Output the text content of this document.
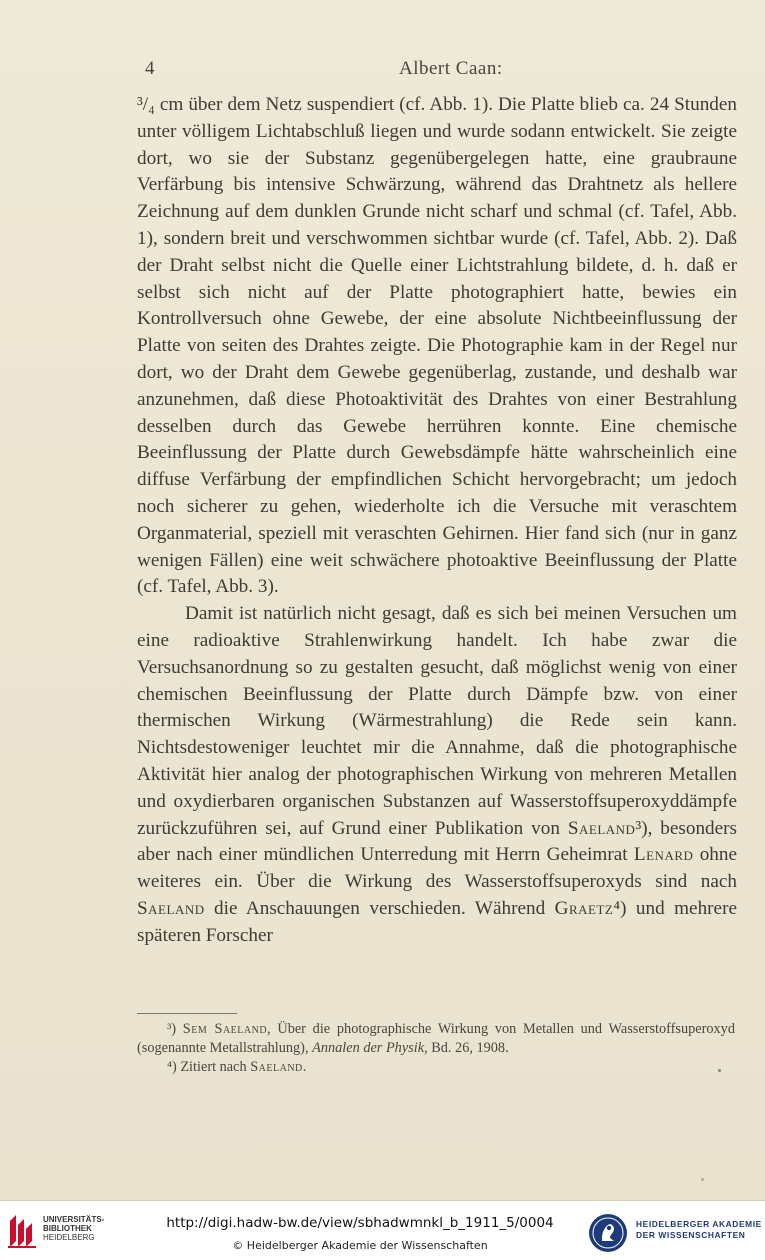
4	Albert Caan:

³/₄ cm über dem Netz suspendiert (cf. Abb. 1). Die Platte blieb ca. 24 Stunden unter völligem Lichtabschluß liegen und wurde sodann entwickelt. Sie zeigte dort, wo sie der Substanz gegenübergelegen hatte, eine graubraune Verfärbung bis intensive Schwärzung, während das Drahtnetz als hellere Zeichnung auf dem dunklen Grunde nicht scharf und schmal (cf. Tafel, Abb. 1), sondern breit und verschwommen sichtbar wurde (cf. Tafel, Abb. 2). Daß der Draht selbst nicht die Quelle einer Lichtstrahlung bildete, d. h. daß er selbst sich nicht auf der Platte photographiert hatte, bewies ein Kontrollversuch ohne Gewebe, der eine absolute Nichtbeeinflussung der Platte von seiten des Drahtes zeigte. Die Photographie kam in der Regel nur dort, wo der Draht dem Gewebe gegenüberlag, zustande, und deshalb war anzunehmen, daß diese Photoaktivität des Drahtes von einer Bestrahlung desselben durch das Gewebe herrühren konnte. Eine chemische Beeinflussung der Platte durch Gewebsdämpfe hätte wahrscheinlich eine diffuse Verfärbung der empfindlichen Schicht hervorgebracht; um jedoch noch sicherer zu gehen, wiederholte ich die Versuche mit veraschtem Organmaterial, speziell mit veraschten Gehirnen. Hier fand sich (nur in ganz wenigen Fällen) eine weit schwächere photoaktive Beeinflussung der Platte (cf. Tafel, Abb. 3).

Damit ist natürlich nicht gesagt, daß es sich bei meinen Versuchen um eine radioaktive Strahlenwirkung handelt. Ich habe zwar die Versuchsanordnung so zu gestalten gesucht, daß möglichst wenig von einer chemischen Beeinflussung der Platte durch Dämpfe bzw. von einer thermischen Wirkung (Wärmestrahlung) die Rede sein kann. Nichtsdestoweniger leuchtet mir die Annahme, daß die photographische Aktivität hier analog der photographischen Wirkung von mehreren Metallen und oxydierbaren organischen Substanzen auf Wasserstoffsuperoxyddämpfe zurückzuführen sei, auf Grund einer Publikation von Saeland³), besonders aber nach einer mündlichen Unterredung mit Herrn Geheimrat Lenard ohne weiteres ein. Über die Wirkung des Wasserstoffsuperoxyds sind nach Saeland die Anschauungen verschieden. Während Graetz⁴) und mehrere späteren Forscher

³) Sem Saeland, Über die photographische Wirkung von Metallen und Wasserstoffsuperoxyd (sogenannte Metallstrahlung), Annalen der Physik, Bd. 26, 1908.

⁴) Zitiert nach Saeland.

UNIVERSITÄTS-
BIBLIOTHEK
HEIDELBERG
http://digi.hadw-bw.de/view/sbhadwmnkl_b_1911_5/0004
© Heidelberger Akademie der Wissenschaften
HEIDELBERGER AKADEMIE
DER WISSENSCHAFTEN
